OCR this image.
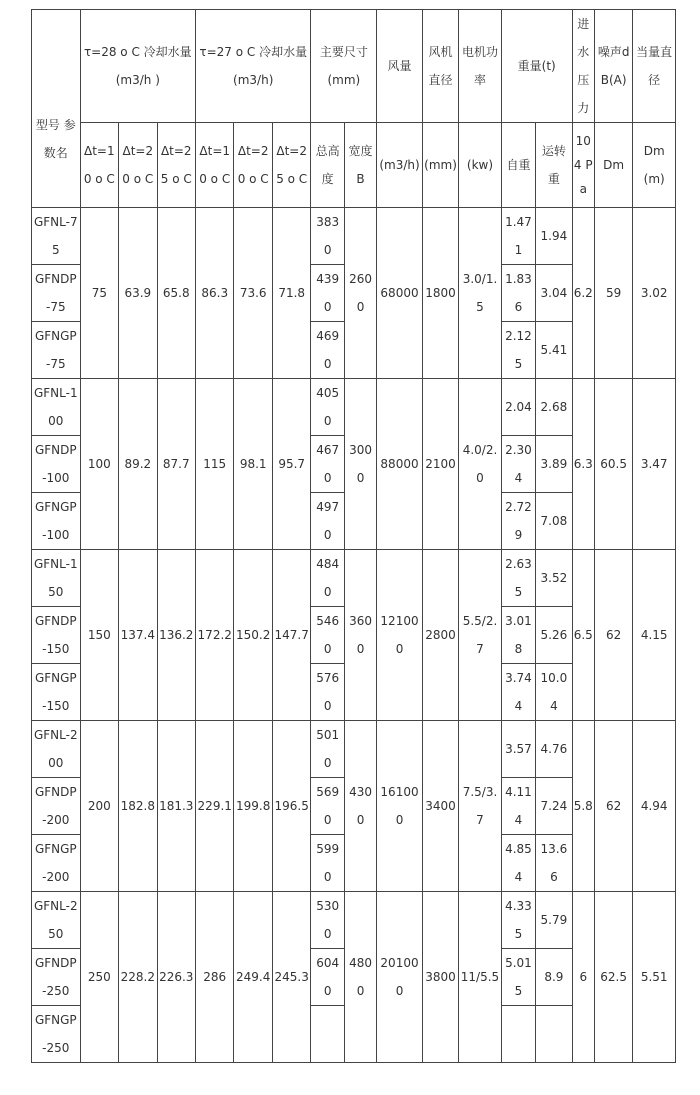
型号 参数名	τ=28 o C 冷却水量(m3/h )			τ=27 o C 冷却水量(m3/h)			主要尺寸(mm)		风量	风机直径	电机功率	重量(t)		进水压力	噪声dB(A)	当量直径
	Δt=10 o C	Δt=20 o C	Δt=25 o C	Δt=10 o C	Δt=20 o C	Δt=25 o C	总高度	宽度B	(m3/h)	(mm)	(kw)	自重	运转重	10 4 Pa	Dm	Dm(m)
GFNL-75	75	63.9	65.8	86.3	73.6	71.8	3830	2600	68000	1800	3.0/1.5	1.471	1.94	6.2	59	3.02
GFNDP-75							4390					1.836	3.04			
GFNGP-75							4690					2.125	5.41			
GFNL-100	100	89.2	87.7	115	98.1	95.7	4050	3000	88000	2100	4.0/2.0	2.04	2.68	6.3	60.5	3.47
GFNDP-100							4670					2.304	3.89			
GFNGP-100							4970					2.729	7.08			
GFNL-150	150	137.4	136.2	172.2	150.2	147.7	4840	3600	121000	2800	5.5/2.7	2.635	3.52	6.5	62	4.15
GFNDP-150							5460					3.018	5.26			
GFNGP-150							5760					3.744	10.04			
GFNL-200	200	182.8	181.3	229.1	199.8	196.5	5010	4300	161000	3400	7.5/3.7	3.57	4.76	5.8	62	4.94
GFNDP-200							5690					4.114	7.24			
GFNGP-200							5990					4.854	13.66			
GFNL-250	250	228.2	226.3	286	249.4	245.3	5300	4800	201000	3800	11/5.5	4.335	5.79	6	62.5	5.51
GFNDP-250							6040					5.015	8.9			
GFNGP-250																
